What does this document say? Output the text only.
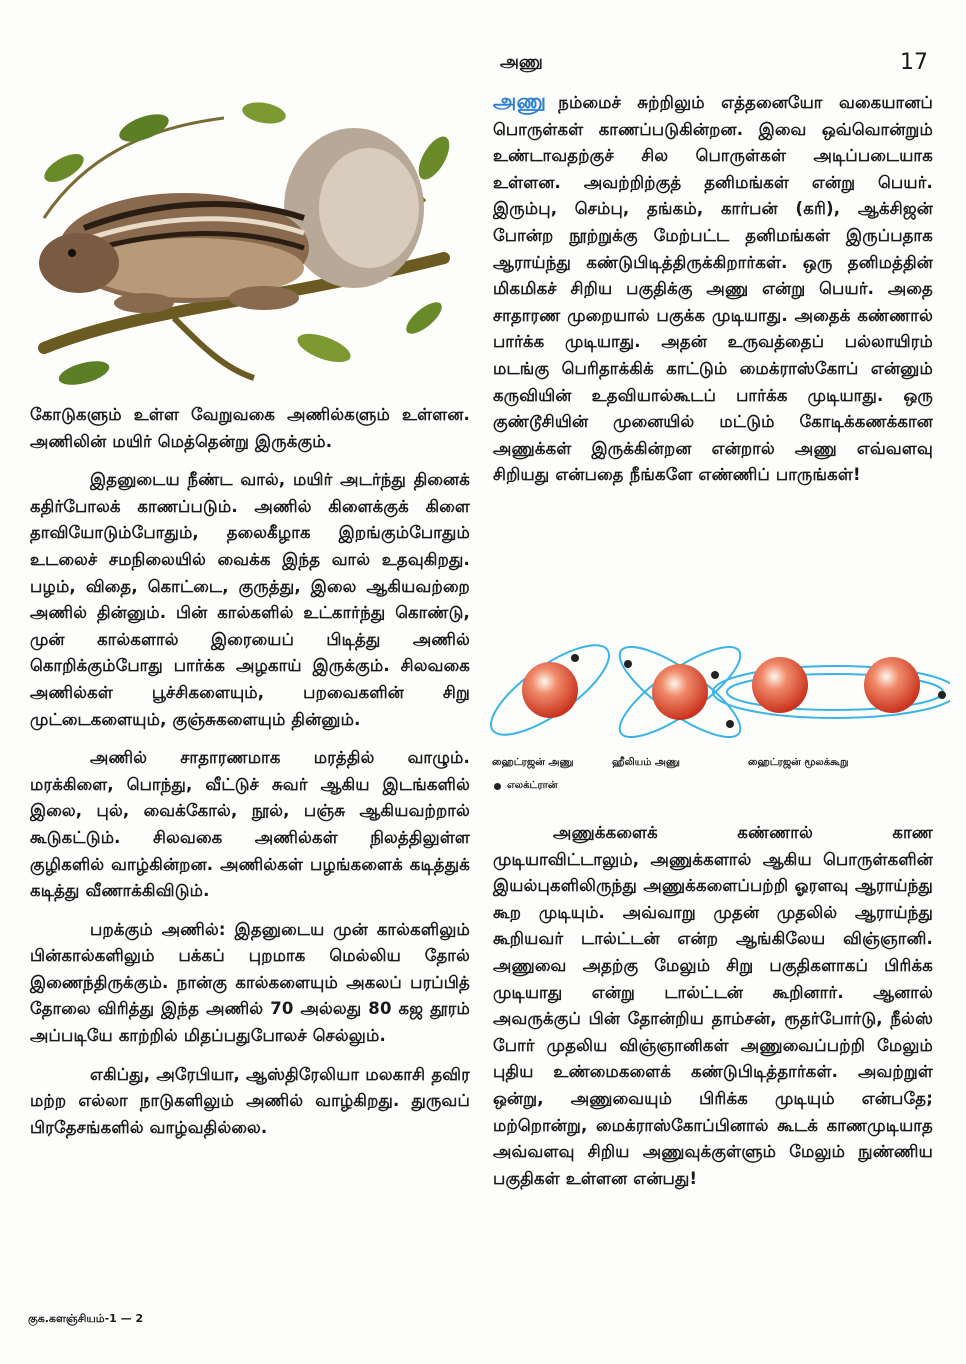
அணு	17

கோடுகளும் உள்ள வேறுவகை அணில்களும் உள்ளன. அணிலின் மயிர் மெத்தென்று இருக்கும்.

இதனுடைய நீண்ட வால், மயிர் அடர்ந்து தினைக் கதிர்போலக் காணப்படும். அணில் கிளைக்குக் கிளை தாவியோடும்போதும், தலைகீழாக இறங்கும்போதும் உடலைச் சமநிலையில் வைக்க இந்த வால் உதவுகிறது. பழம், விதை, கொட்டை, குருத்து, இலை ஆகியவற்றை அணில் தின்னும். பின் கால்களில் உட்கார்ந்து கொண்டு, முன் கால்களால் இரையைப் பிடித்து அணில் கொறிக்கும்போது பார்க்க அழகாய் இருக்கும். சிலவகை அணில்கள் பூச்சிகளையும், பறவைகளின் சிறு முட்டைகளையும், குஞ்சுகளையும் தின்னும்.

அணில் சாதாரணமாக மரத்தில் வாழும். மரக்கிளை, பொந்து, வீட்டுச் சுவர் ஆகிய இடங்களில் இலை, புல், வைக்கோல், நூல், பஞ்சு ஆகியவற்றால் கூடுகட்டும். சிலவகை அணில்கள் நிலத்திலுள்ள குழிகளில் வாழ்கின்றன. அணில்கள் பழங்களைக் கடித்துக் கடித்து வீணாக்கிவிடும்.

பறக்கும் அணில்: இதனுடைய முன் கால்களிலும் பின்கால்களிலும் பக்கப் புறமாக மெல்லிய தோல் இணைந்திருக்கும். நான்கு கால்களையும் அகலப் பரப்பித் தோலை விரித்து இந்த அணில் 70 அல்லது 80 கஜ தூரம் அப்படியே காற்றில் மிதப்பதுபோலச் செல்லும்.

எகிப்து, அரேபியா, ஆஸ்திரேலியா மலகாசி தவிர மற்ற எல்லா நாடுகளிலும் அணில் வாழ்கிறது. துருவப் பிரதேசங்களில் வாழ்வதில்லை.

அணு நம்மைச் சுற்றிலும் எத்தனையோ வகையானப் பொருள்கள் காணப்படுகின்றன. இவை ஒவ்வொன்றும் உண்டாவதற்குச் சில பொருள்கள் அடிப்படையாக உள்ளன. அவற்றிற்குத் தனிமங்கள் என்று பெயர். இரும்பு, செம்பு, தங்கம், கார்பன் (கரி), ஆக்சிஜன் போன்ற நூற்றுக்கு மேற்பட்ட தனிமங்கள் இருப்பதாக ஆராய்ந்து கண்டுபிடித்திருக்கிறார்கள். ஒரு தனிமத்தின் மிகமிகச் சிறிய பகுதிக்கு அணு என்று பெயர். அதை சாதாரண முறையால் பகுக்க முடியாது. அதைக் கண்ணால் பார்க்க முடியாது. அதன் உருவத்தைப் பல்லாயிரம் மடங்கு பெரிதாக்கிக் காட்டும் மைக்ராஸ்கோப் என்னும் கருவியின் உதவியால்கூடப் பார்க்க முடியாது. ஒரு குண்டூசியின் முனையில் மட்டும் கோடிக்கணக்கான அணுக்கள் இருக்கின்றன என்றால் அணு எவ்வளவு சிறியது என்பதை நீங்களே எண்ணிப் பாருங்கள்!

ஹைட்ரஜன் அணு	ஹீலியம் அணு	ஹைட்ரஜன் மூலக்கூறு
எலக்ட்ரான்

அணுக்களைக் கண்ணால் காண முடியாவிட்டாலும், அணுக்களால் ஆகிய பொருள்களின் இயல்புகளிலிருந்து அணுக்களைப்பற்றி ஓரளவு ஆராய்ந்து கூற முடியும். அவ்வாறு முதன் முதலில் ஆராய்ந்து கூறியவர் டால்ட்டன் என்ற ஆங்கிலேய விஞ்ஞானி. அணுவை அதற்கு மேலும் சிறு பகுதிகளாகப் பிரிக்க முடியாது என்று டால்ட்டன் கூறினார். ஆனால் அவருக்குப் பின் தோன்றிய தாம்சன், ரூதர்போர்டு, நீல்ஸ் போர் முதலிய விஞ்ஞானிகள் அணுவைப்பற்றி மேலும் புதிய உண்மைகளைக் கண்டுபிடித்தார்கள். அவற்றுள் ஒன்று, அணுவையும் பிரிக்க முடியும் என்பதே; மற்றொன்று, மைக்ராஸ்கோப்பினால் கூடக் காணமுடியாத அவ்வளவு சிறிய அணுவுக்குள்ளும் மேலும் நுண்ணிய பகுதிகள் உள்ளன என்பது!

குக.களஞ்சியம்-1 — 2
